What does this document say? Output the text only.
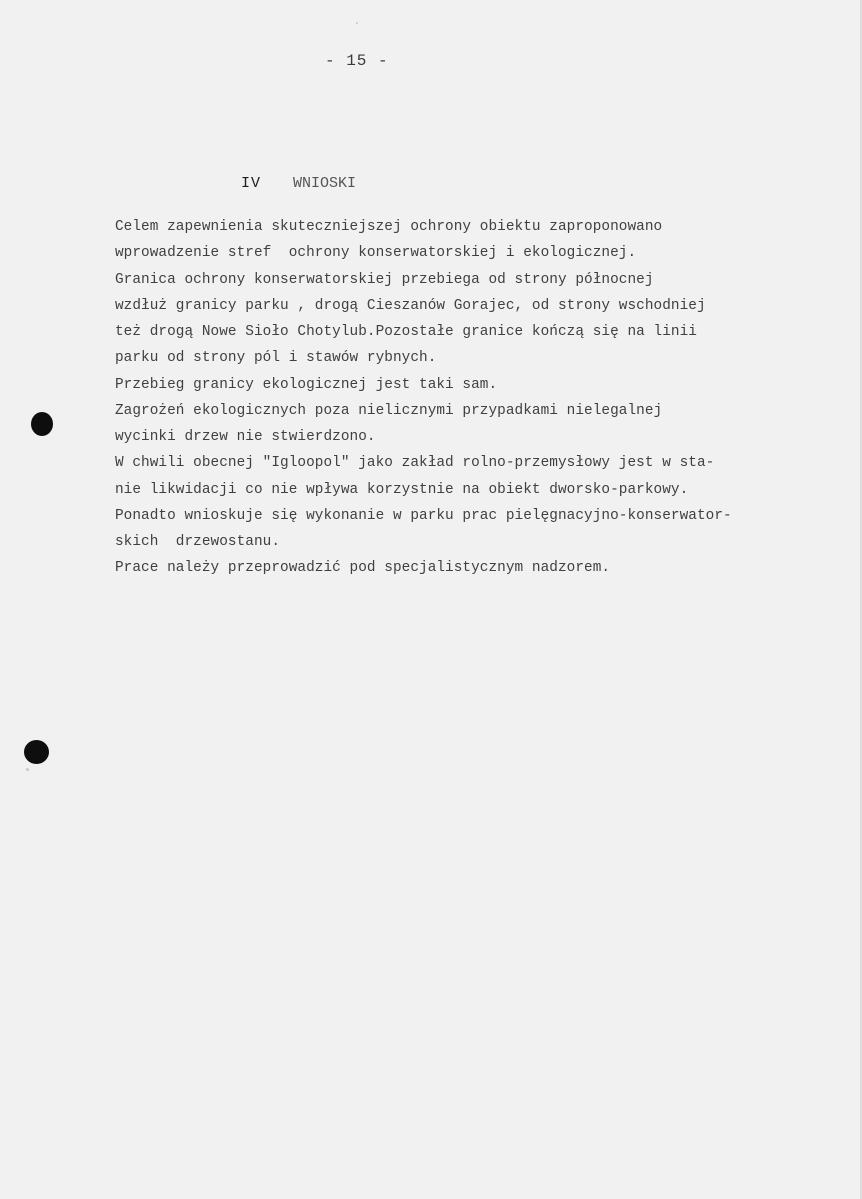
- 15 -

IV WNIOSKI

Celem zapewnienia skuteczniejszej ochrony obiektu zaproponowano
wprowadzenie stref  ochrony konserwatorskiej i ekologicznej.
Granica ochrony konserwatorskiej przebiega od strony północnej
wzdłuż granicy parku , drogą Cieszanów Gorajec, od strony wschodniej
też drogą Nowe Sioło Chotylub.Pozostałe granice kończą się na linii
parku od strony pól i stawów rybnych.
Przebieg granicy ekologicznej jest taki sam.
Zagrożeń ekologicznych poza nielicznymi przypadkami nielegalnej
wycinki drzew nie stwierdzono.
W chwili obecnej "Igloopol" jako zakład rolno-przemysłowy jest w sta-
nie likwidacji co nie wpływa korzystnie na obiekt dworsko-parkowy.
Ponadto wnioskuje się wykonanie w parku prac pielęgnacyjno-konserwator-
skich  drzewostanu.
Prace należy przeprowadzić pod specjalistycznym nadzorem.
